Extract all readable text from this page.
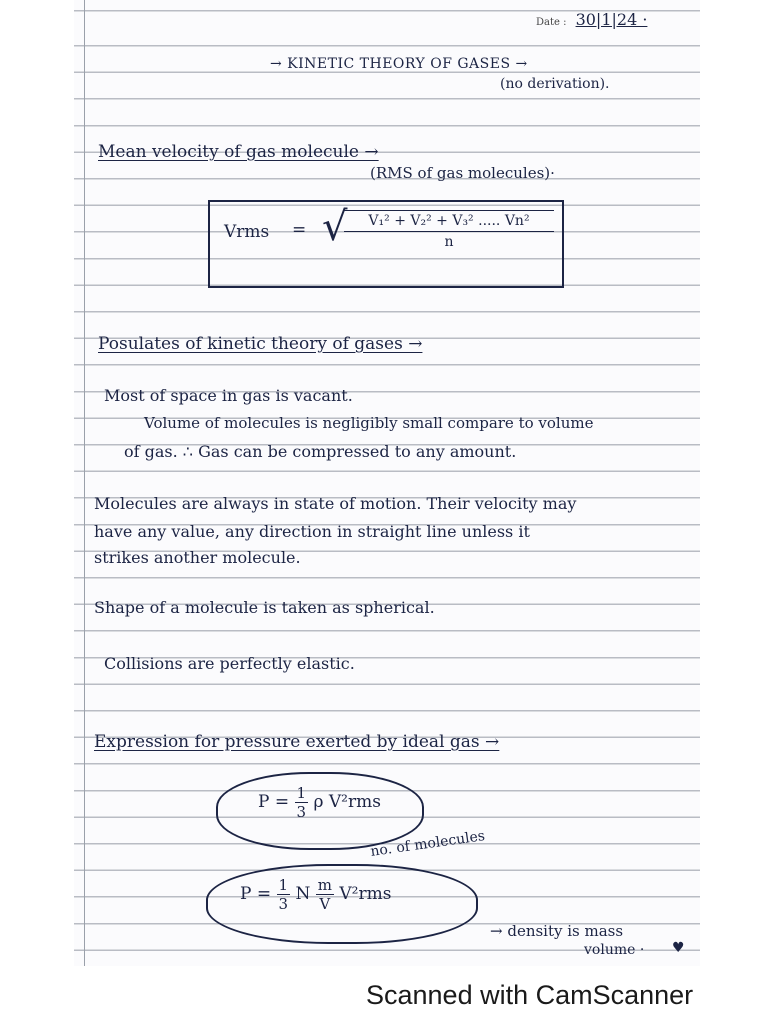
Date : 30|1|24 ·
→ KINETIC THEORY OF GASES →
(no derivation).
Mean velocity of gas molecule →
(RMS of gas molecules)·
Vrms = √
$\frac{\text{V₁² + V₂² + V₃² ..... Vn²}}{n}$
Posulates of kinetic theory of gases →
Most of space in gas is vacant.
Volume of molecules is negligibly small compare to volume
of gas. ∴ Gas can be compressed to any amount.
Molecules are always in state of motion. Their velocity may
have any value, any direction in straight line unless it
strikes another molecule.
Shape of a molecule is taken as spherical.
Collisions are perfectly elastic.
Expression for pressure exerted by ideal gas →
$P = \frac{1}{3}$ ρ V²rms
no. of molecules
$P = \frac{1}{3}$ N $\frac{m}{V} V^2rms$
→ density is mass
volume · ♥
Scanned with CamScanner
